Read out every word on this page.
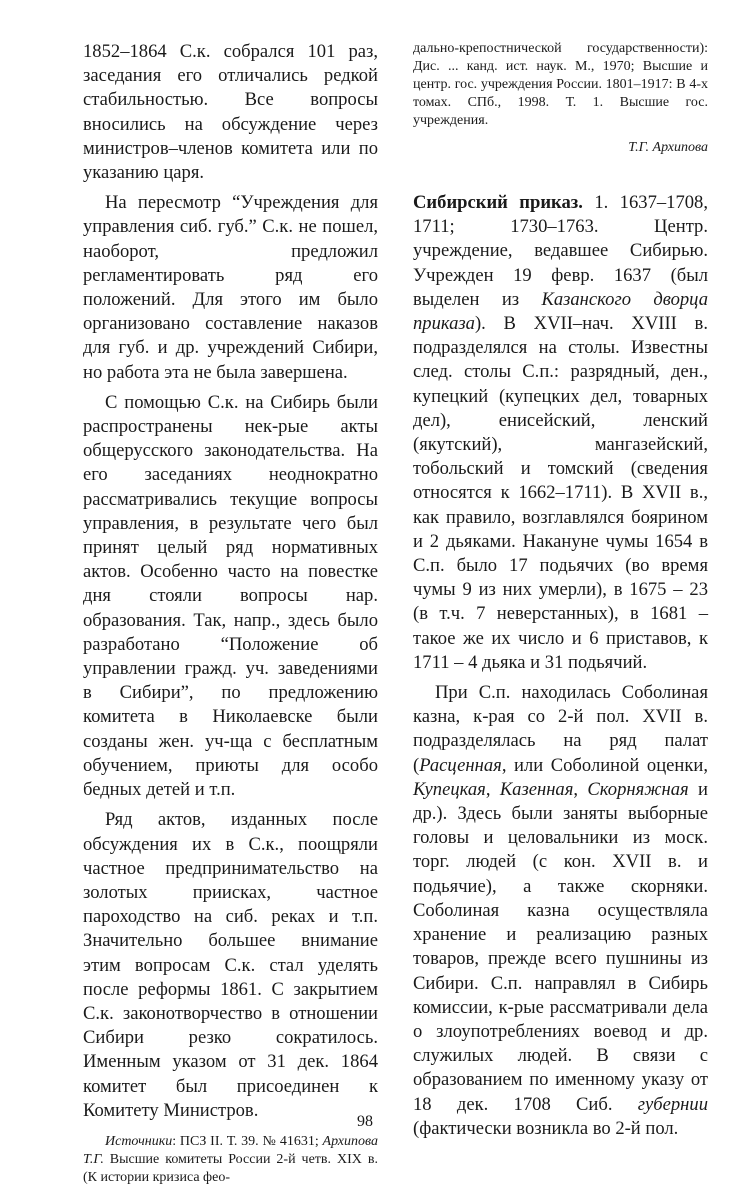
1852–1864 С.к. собрался 101 раз, заседания его отличались редкой стабильностью. Все вопросы вносились на обсуждение через министров–членов комитета или по указанию царя.

На пересмотр “Учреждения для управления сиб. губ.” С.к. не пошел, наоборот, предложил регламентировать ряд его положений. Для этого им было организовано составление наказов для губ. и др. учреждений Сибири, но работа эта не была завершена.

С помощью С.к. на Сибирь были распространены нек-рые акты общерусского законодательства. На его заседаниях неоднократно рассматривались текущие вопросы управления, в результате чего был принят целый ряд нормативных актов. Особенно часто на повестке дня стояли вопросы нар. образования. Так, напр., здесь было разработано “Положение об управлении гражд. уч. заведениями в Сибири”, по предложению комитета в Николаевске были созданы жен. уч-ща с бесплатным обучением, приюты для особо бедных детей и т.п.

Ряд актов, изданных после обсуждения их в С.к., поощряли частное предпринимательство на золотых приисках, частное пароходство на сиб. реках и т.п. Значительно большее внимание этим вопросам С.к. стал уделять после реформы 1861. С закрытием С.к. законотворчество в отношении Сибири резко сократилось. Именным указом от 31 дек. 1864 комитет был присоединен к Комитету Министров.

Источники: ПСЗ II. Т. 39. № 41631; Архипова Т.Г. Высшие комитеты России 2-й четв. XIX в. (К истории кризиса фео-

дально-крепостнической государственности): Дис. ... канд. ист. наук. М., 1970; Высшие и центр. гос. учреждения России. 1801–1917: В 4-х томах. СПб., 1998. Т. 1. Высшие гос. учреждения.

Т.Г. Архипова

Сибирский приказ. 1. 1637–1708, 1711; 1730–1763. Центр. учреждение, ведавшее Сибирью. Учрежден 19 февр. 1637 (был выделен из Казанского дворца приказа). В XVII–нач. XVIII в. подразделялся на столы. Известны след. столы С.п.: разрядный, ден., купецкий (купецких дел, товарных дел), енисейский, ленский (якутский), мангазейский, тобольский и томский (сведения относятся к 1662–1711). В XVII в., как правило, возглавлялся боярином и 2 дьяками. Накануне чумы 1654 в С.п. было 17 подьячих (во время чумы 9 из них умерли), в 1675 – 23 (в т.ч. 7 неверстанных), в 1681 – такое же их число и 6 приставов, к 1711 – 4 дьяка и 31 подьячий.

При С.п. находилась Соболиная казна, к-рая со 2-й пол. XVII в. подразделялась на ряд палат (Расценная, или Соболиной оценки, Купецкая, Казенная, Скорняжная и др.). Здесь были заняты выборные головы и целовальники из моск. торг. людей (с кон. XVII в. и подьячие), а также скорняки. Соболиная казна осуществляла хранение и реализацию разных товаров, прежде всего пушнины из Сибири. С.п. направлял в Сибирь комиссии, к-рые рассматривали дела о злоупотреблениях воевод и др. служилых людей. В связи с образованием по именному указу от 18 дек. 1708 Сиб. губернии (фактически возникла во 2-й пол.

98
